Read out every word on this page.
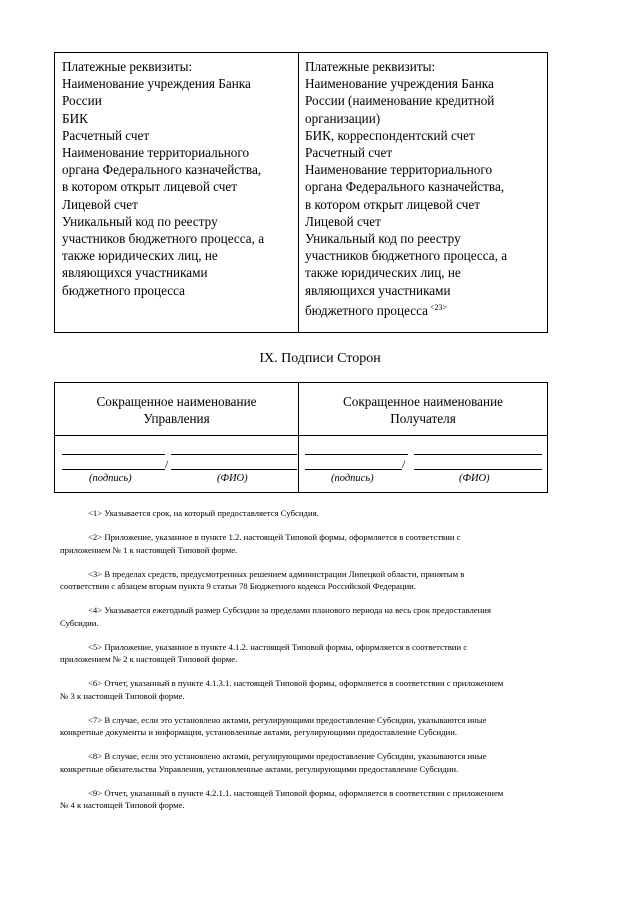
Платежные реквизиты:
Наименование учреждения Банка
России
БИК
Расчетный счет
Наименование территориального
органа Федерального казначейства,
в котором открыт лицевой счет
Лицевой счет
Уникальный код по реестру
участников бюджетного процесса, а
также юридических лиц, не
являющихся участниками
бюджетного процесса
Платежные реквизиты:
Наименование учреждения Банка
России (наименование кредитной
организации)
БИК, корреспондентский счет
Расчетный счет
Наименование территориального
органа Федерального казначейства,
в котором открыт лицевой счет
Лицевой счет
Уникальный код по реестру
участников бюджетного процесса, а
также юридических лиц, не
являющихся участниками
бюджетного процесса $^{<23>}$
IX. Подписи Сторон
Сокращенное наименование
Управления
Сокращенное наименование
Получателя
/
(подпись)	(ФИО)
/
(подпись)	(ФИО)
<1> Указывается срок, на который предоставляется Субсидия.
<2> Приложение, указанное в пункте 1.2. настоящей Типовой формы, оформляется в соответствии с
приложением № 1 к настоящей Типовой форме.
<3> В пределах средств, предусмотренных решением администрации Липецкой области, принятым в
соответствии с абзацем вторым пункта 9 статьи 78 Бюджетного кодекса Российской Федерации.
<4> Указывается ежегодный размер Субсидии за пределами планового периода на весь срок предоставления
Субсидии.
<5> Приложение, указанное в пункте 4.1.2. настоящей Типовой формы, оформляется в соответствии с
приложением № 2 к настоящей Типовой форме.
<6> Отчет, указанный в пункте 4.1.3.1. настоящей Типовой формы, оформляется в соответствии с приложением
№ 3 к настоящей Типовой форме.
<7> В случае, если это установлено актами, регулирующими предоставление Субсидии, указываются иные
конкретные документы и информация, установленные актами, регулирующими предоставление Субсидии.
<8> В случае, если это установлено актами, регулирующими предоставление Субсидии, указываются иные
конкретные обязательства Управления, установленные актами, регулирующими предоставление Субсидии.
<9> Отчет, указанный в пункте 4.2.1.1. настоящей Типовой формы, оформляется в соответствии с приложением
№ 4 к настоящей Типовой форме.
